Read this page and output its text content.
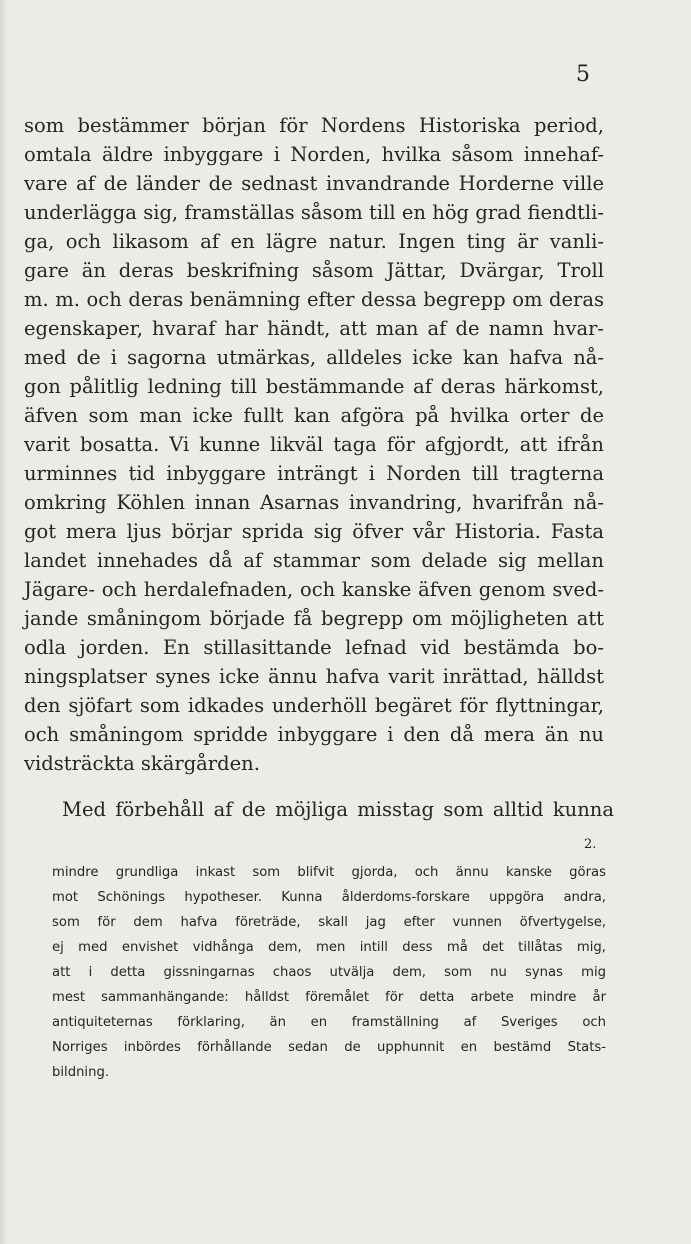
5
som bestämmer början för Nordens Historiska period,
omtala äldre inbyggare i Norden, hvilka såsom innehaf-
vare af de länder de sednast invandrande Horderne ville
underlägga sig, framställas såsom till en hög grad fiendtli-
ga, och likasom af en lägre natur. Ingen ting är vanli-
gare än deras beskrifning såsom Jättar, Dvärgar, Troll
m. m. och deras benämning efter dessa begrepp om deras
egenskaper, hvaraf har händt, att man af de namn hvar-
med de i sagorna utmärkas, alldeles icke kan hafva nå-
gon pålitlig ledning till bestämmande af deras härkomst,
äfven som man icke fullt kan afgöra på hvilka orter de
varit bosatta. Vi kunne likväl taga för afgjordt, att ifrån
urminnes tid inbyggare inträngt i Norden till tragterna
omkring Köhlen innan Asarnas invandring, hvarifrån nå-
got mera ljus börjar sprida sig öfver vår Historia. Fasta
landet innehades då af stammar som delade sig mellan
Jägare- och herdalefnaden, och kanske äfven genom sved-
jande småningom började få begrepp om möjligheten att
odla jorden. En stillasittande lefnad vid bestämda bo-
ningsplatser synes icke ännu hafva varit inrättad, hälldst
den sjöfart som idkades underhöll begäret för flyttningar,
och småningom spridde inbyggare i den då mera än nu
vidsträckta skärgården.
Med förbehåll af de möjliga misstag som alltid kunna
2.
mindre grundliga inkast som blifvit gjorda, och ännu kanske göras
mot Schönings hypotheser. Kunna ålderdoms-forskare uppgöra andra,
som för dem hafva företräde, skall jag efter vunnen öfvertygelse,
ej med envishet vidhånga dem, men intill dess må det tillåtas mig,
att i detta gissningarnas chaos utvälja dem, som nu synas mig
mest sammanhängande: hålldst föremålet för detta arbete mindre år
antiquiteternas förklaring, än en framställning af Sveriges och
Norriges inbördes förhållande sedan de upphunnit en bestämd Stats-
bildning.
